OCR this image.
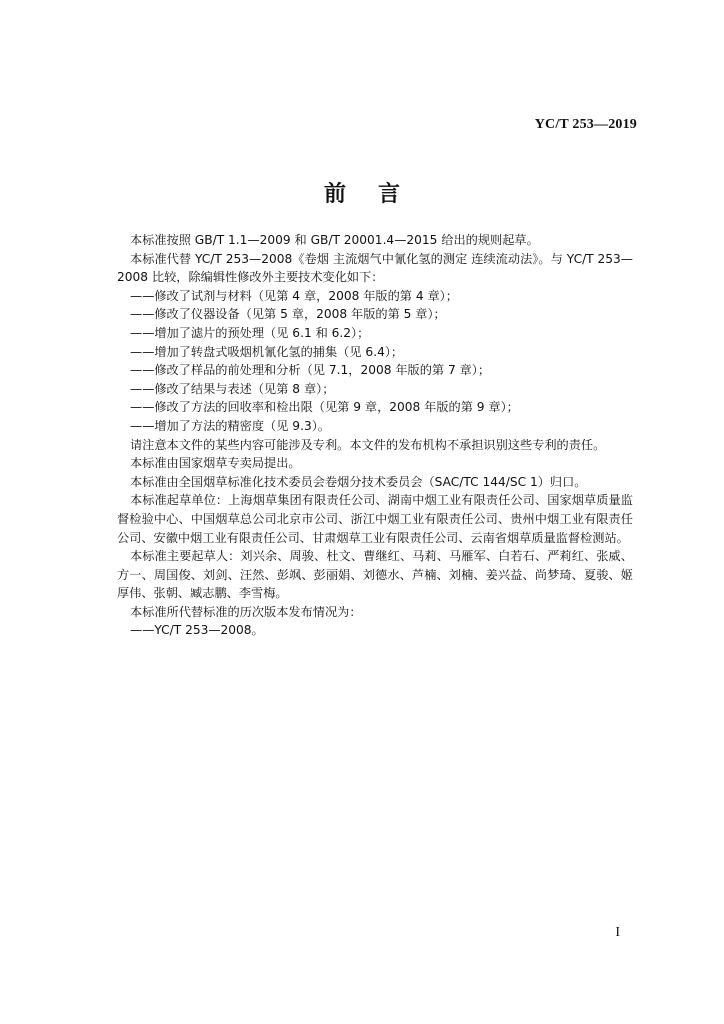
YC/T 253—2019
前言

本标准按照 GB/T 1.1—2009 和 GB/T 20001.4—2015 给出的规则起草。

本标准代替 YC/T 253—2008《卷烟 主流烟气中氰化氢的测定 连续流动法》。与 YC/T 253—2008 比较，除编辑性修改外主要技术变化如下：

——修改了试剂与材料（见第 4 章，2008 年版的第 4 章）；

——修改了仪器设备（见第 5 章，2008 年版的第 5 章）；

——增加了滤片的预处理（见 6.1 和 6.2）；

——增加了转盘式吸烟机氰化氢的捕集（见 6.4）；

——修改了样品的前处理和分析（见 7.1，2008 年版的第 7 章）；

——修改了结果与表述（见第 8 章）；

——修改了方法的回收率和检出限（见第 9 章，2008 年版的第 9 章）；

——增加了方法的精密度（见 9.3）。

请注意本文件的某些内容可能涉及专利。本文件的发布机构不承担识别这些专利的责任。

本标准由国家烟草专卖局提出。

本标准由全国烟草标准化技术委员会卷烟分技术委员会（SAC/TC 144/SC 1）归口。

本标准起草单位：上海烟草集团有限责任公司、湖南中烟工业有限责任公司、国家烟草质量监督检验中心、中国烟草总公司北京市公司、浙江中烟工业有限责任公司、贵州中烟工业有限责任公司、安徽中烟工业有限责任公司、甘肃烟草工业有限责任公司、云南省烟草质量监督检测站。

本标准主要起草人：刘兴余、周骏、杜文、曹继红、马莉、马雁军、白若石、严莉红、张威、方一、周国俊、刘剑、汪然、彭飒、彭丽娟、刘德水、芦楠、刘楠、姜兴益、尚梦琦、夏骏、姬厚伟、张朝、臧志鹏、李雪梅。

本标准所代替标准的历次版本发布情况为：

——YC/T 253—2008。

I
